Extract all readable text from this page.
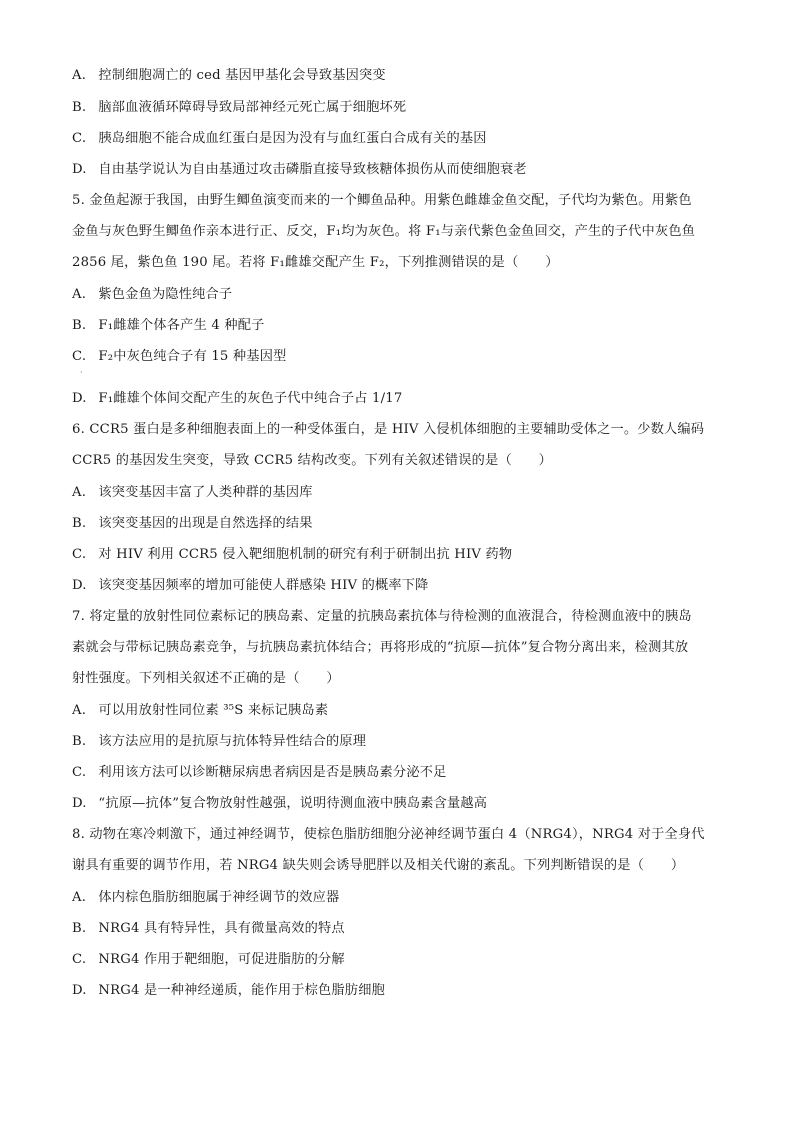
A. 控制细胞凋亡的 ced 基因甲基化会导致基因突变
B. 脑部血液循环障碍导致局部神经元死亡属于细胞坏死
C. 胰岛细胞不能合成血红蛋白是因为没有与血红蛋白合成有关的基因
D. 自由基学说认为自由基通过攻击磷脂直接导致核糖体损伤从而使细胞衰老
5. 金鱼起源于我国，由野生鲫鱼演变而来的一个鲫鱼品种。用紫色雌雄金鱼交配，子代均为紫色。用紫色
金鱼与灰色野生鲫鱼作亲本进行正、反交，F₁均为灰色。将 F₁与亲代紫色金鱼回交，产生的子代中灰色鱼
2856 尾，紫色鱼 190 尾。若将 F₁雌雄交配产生 F₂，下列推测错误的是（　　）
A. 紫色金鱼为隐性纯合子
B. F₁雌雄个体各产生 4 种配子
C. F₂中灰色纯合子有 15 种基因型
·
D. F₁雌雄个体间交配产生的灰色子代中纯合子占 1/17
6. CCR5 蛋白是多种细胞表面上的一种受体蛋白，是 HIV 入侵机体细胞的主要辅助受体之一。少数人编码
CCR5 的基因发生突变，导致 CCR5 结构改变。下列有关叙述错误的是（　　）
A. 该突变基因丰富了人类种群的基因库
B. 该突变基因的出现是自然选择的结果
C. 对 HIV 利用 CCR5 侵入靶细胞机制的研究有利于研制出抗 HIV 药物
D. 该突变基因频率的增加可能使人群感染 HIV 的概率下降
7. 将定量的放射性同位素标记的胰岛素、定量的抗胰岛素抗体与待检测的血液混合，待检测血液中的胰岛
素就会与带标记胰岛素竞争，与抗胰岛素抗体结合；再将形成的“抗原—抗体”复合物分离出来，检测其放
射性强度。下列相关叙述不正确的是（　　）
A. 可以用放射性同位素 ³⁵S 来标记胰岛素
B. 该方法应用的是抗原与抗体特异性结合的原理
C. 利用该方法可以诊断糖尿病患者病因是否是胰岛素分泌不足
D. “抗原—抗体”复合物放射性越强，说明待测血液中胰岛素含量越高
8. 动物在寒冷刺激下，通过神经调节，使棕色脂肪细胞分泌神经调节蛋白 4（NRG4），NRG4 对于全身代
谢具有重要的调节作用，若 NRG4 缺失则会诱导肥胖以及相关代谢的紊乱。下列判断错误的是（　　）
A. 体内棕色脂肪细胞属于神经调节的效应器
B. NRG4 具有特异性，具有微量高效的特点
C. NRG4 作用于靶细胞，可促进脂肪的分解
D. NRG4 是一种神经递质，能作用于棕色脂肪细胞
